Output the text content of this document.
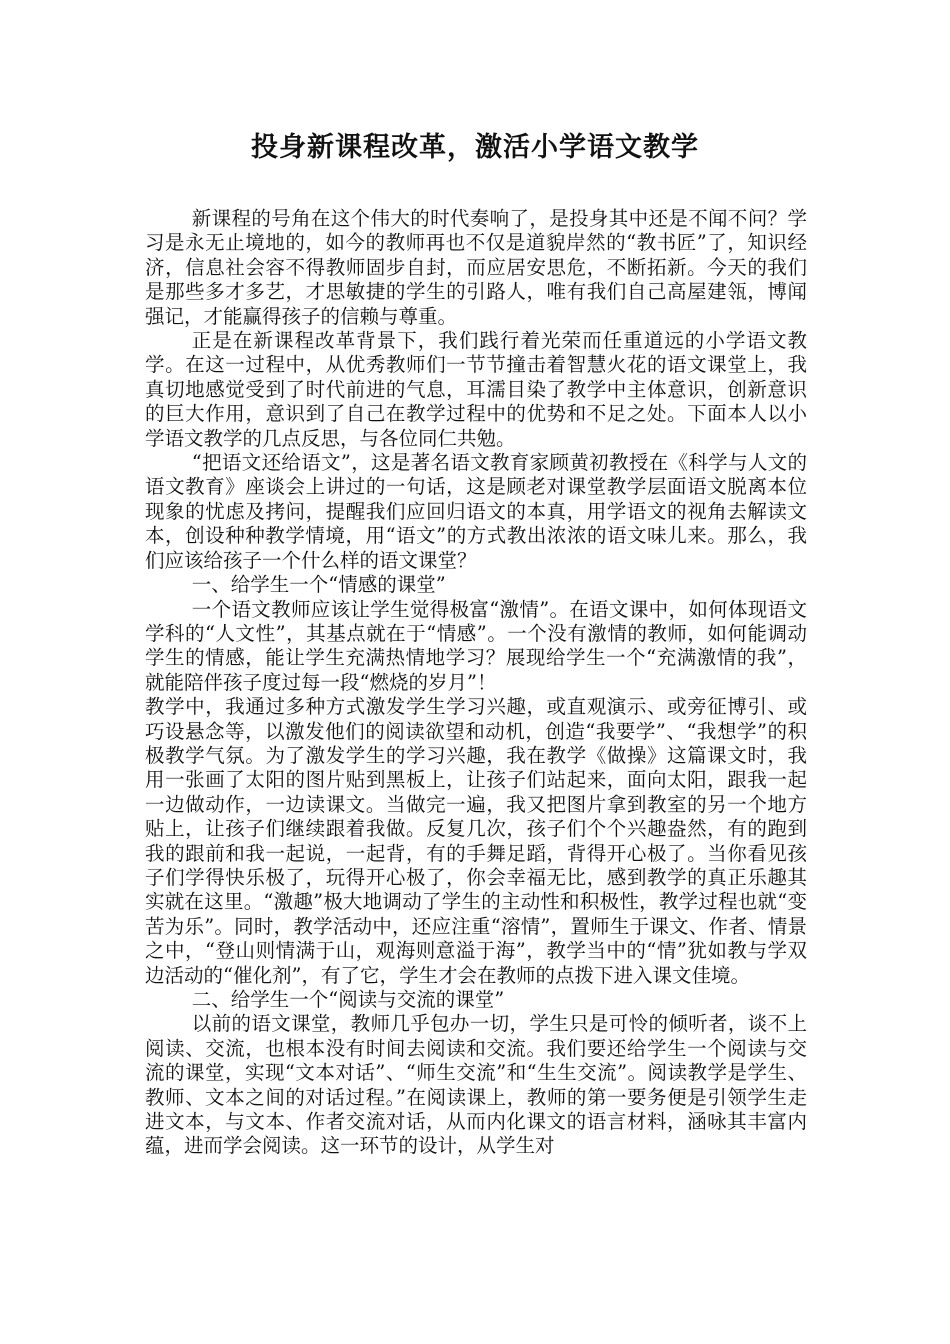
投身新课程改革，激活小学语文教学

新课程的号角在这个伟大的时代奏响了，是投身其中还是不闻不问？学习是永无止境地的，如今的教师再也不仅是道貌岸然的“教书匠”了，知识经济，信息社会容不得教师固步自封，而应居安思危，不断拓新。今天的我们是那些多才多艺，才思敏捷的学生的引路人，唯有我们自己高屋建瓴，博闻强记，才能赢得孩子的信赖与尊重。

正是在新课程改革背景下，我们践行着光荣而任重道远的小学语文教学。在这一过程中，从优秀教师们一节节撞击着智慧火花的语文课堂上，我真切地感觉受到了时代前进的气息，耳濡目染了教学中主体意识，创新意识的巨大作用，意识到了自己在教学过程中的优势和不足之处。下面本人以小学语文教学的几点反思，与各位同仁共勉。

“把语文还给语文”，这是著名语文教育家顾黄初教授在《科学与人文的语文教育》座谈会上讲过的一句话，这是顾老对课堂教学层面语文脱离本位现象的忧虑及拷问，提醒我们应回归语文的本真，用学语文的视角去解读文本，创设种种教学情境，用“语文”的方式教出浓浓的语文味儿来。那么，我们应该给孩子一个什么样的语文课堂？

一、给学生一个“情感的课堂”

一个语文教师应该让学生觉得极富“激情”。在语文课中，如何体现语文学科的“人文性”，其基点就在于“情感”。一个没有激情的教师，如何能调动学生的情感，能让学生充满热情地学习？展现给学生一个“充满激情的我”，就能陪伴孩子度过每一段“燃烧的岁月”！

教学中，我通过多种方式激发学生学习兴趣，或直观演示、或旁征博引、或巧设悬念等，以激发他们的阅读欲望和动机，创造“我要学”、“我想学”的积极教学气氛。为了激发学生的学习兴趣，我在教学《做操》这篇课文时，我用一张画了太阳的图片贴到黑板上，让孩子们站起来，面向太阳，跟我一起一边做动作，一边读课文。当做完一遍，我又把图片拿到教室的另一个地方贴上，让孩子们继续跟着我做。反复几次，孩子们个个兴趣盎然，有的跑到我的跟前和我一起说，一起背，有的手舞足蹈，背得开心极了。当你看见孩子们学得快乐极了，玩得开心极了，你会幸福无比，感到教学的真正乐趣其实就在这里。“激趣”极大地调动了学生的主动性和积极性，教学过程也就“变苦为乐”。同时，教学活动中，还应注重“溶情”，置师生于课文、作者、情景之中，“登山则情满于山，观海则意溢于海”，教学当中的“情”犹如教与学双边活动的“催化剂”，有了它，学生才会在教师的点拨下进入课文佳境。

二、给学生一个“阅读与交流的课堂”

以前的语文课堂，教师几乎包办一切，学生只是可怜的倾听者，谈不上阅读、交流，也根本没有时间去阅读和交流。我们要还给学生一个阅读与交流的课堂，实现“文本对话”、“师生交流”和“生生交流”。阅读教学是学生、教师、文本之间的对话过程。”在阅读课上，教师的第一要务便是引领学生走进文本，与文本、作者交流对话，从而内化课文的语言材料，涵咏其丰富内蕴，进而学会阅读。这一环节的设计，从学生对
